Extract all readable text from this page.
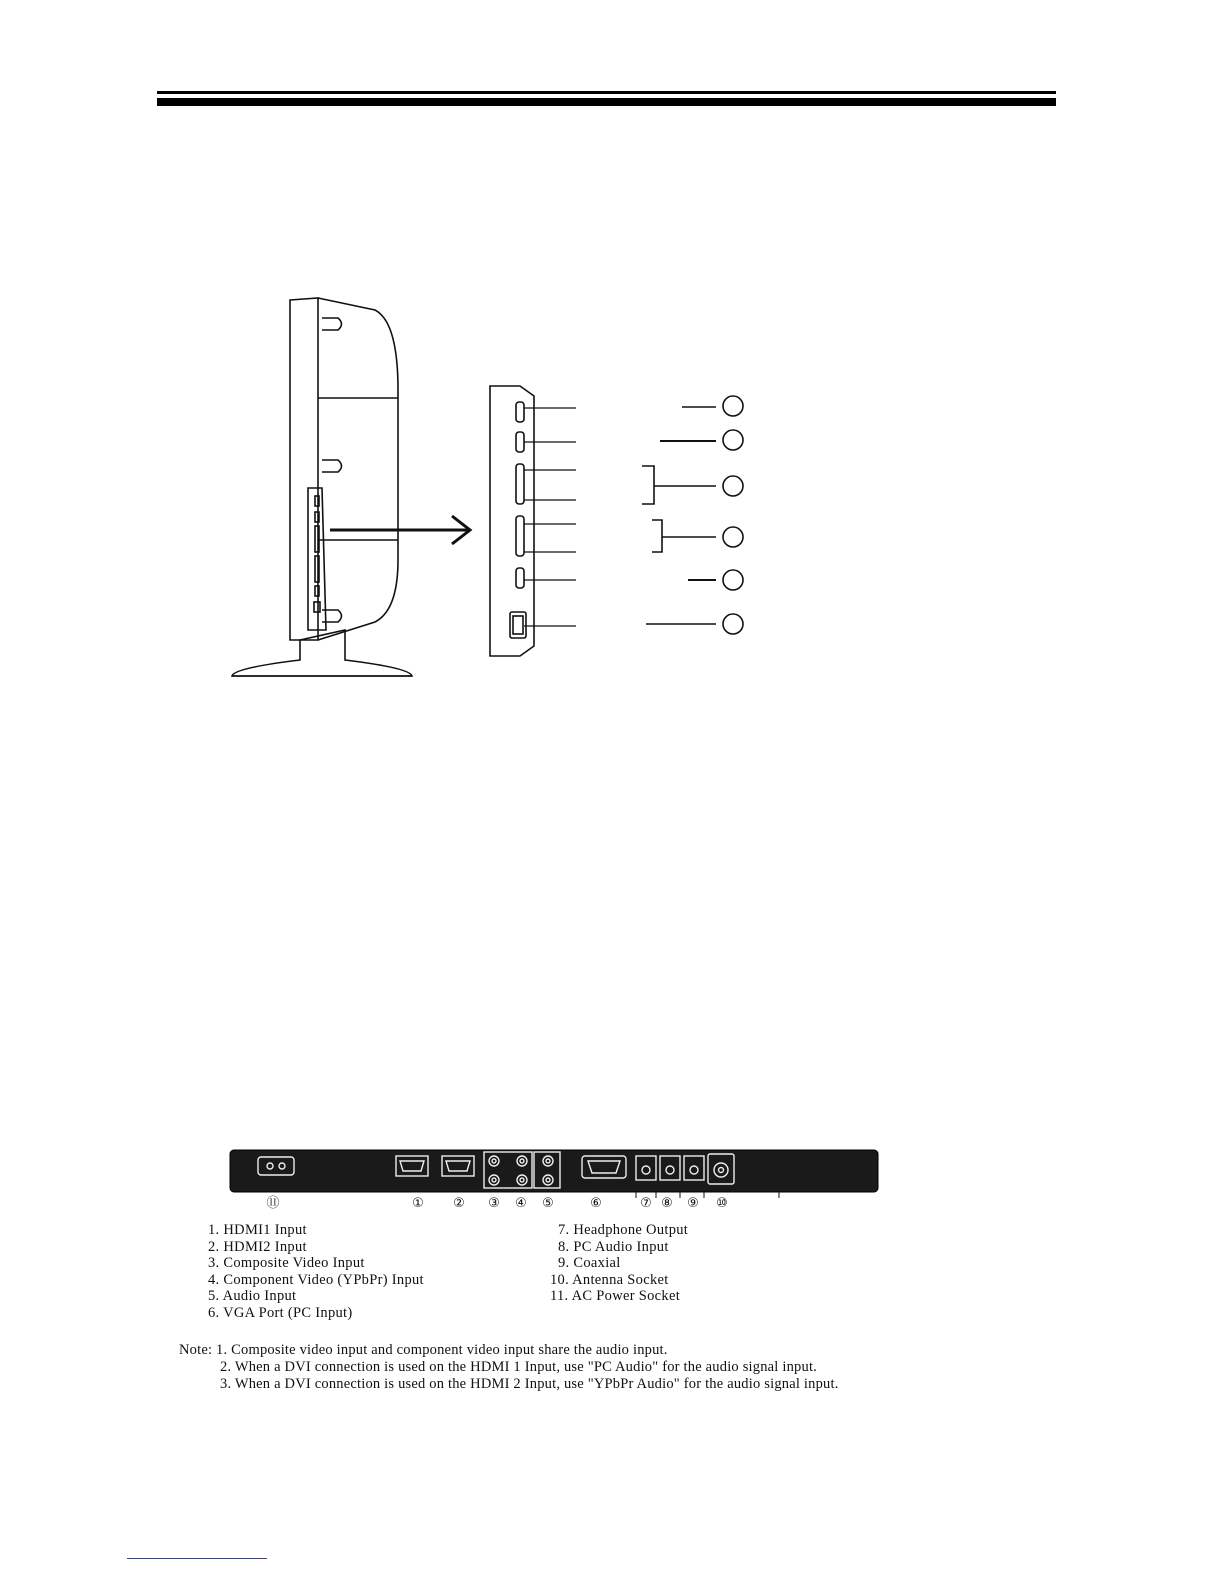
⑪	① ② ③ ④ ⑤	⑥	⑦ ⑧ ⑨ ⑩
1. HDMI1 Input
2. HDMI2 Input
3. Composite Video Input
4. Component Video (YPbPr) Input
5. Audio Input
6. VGA Port (PC Input)
7. Headphone Output
8. PC Audio Input
9. Coaxial
10. Antenna Socket
11. AC Power Socket
Note: 1. Composite video input and component video input share the audio input.
2. When a DVI connection is used on the HDMI 1 Input, use "PC Audio" for the audio signal input.
3. When a DVI connection is used on the HDMI 2 Input, use "YPbPr Audio" for the audio signal input.
